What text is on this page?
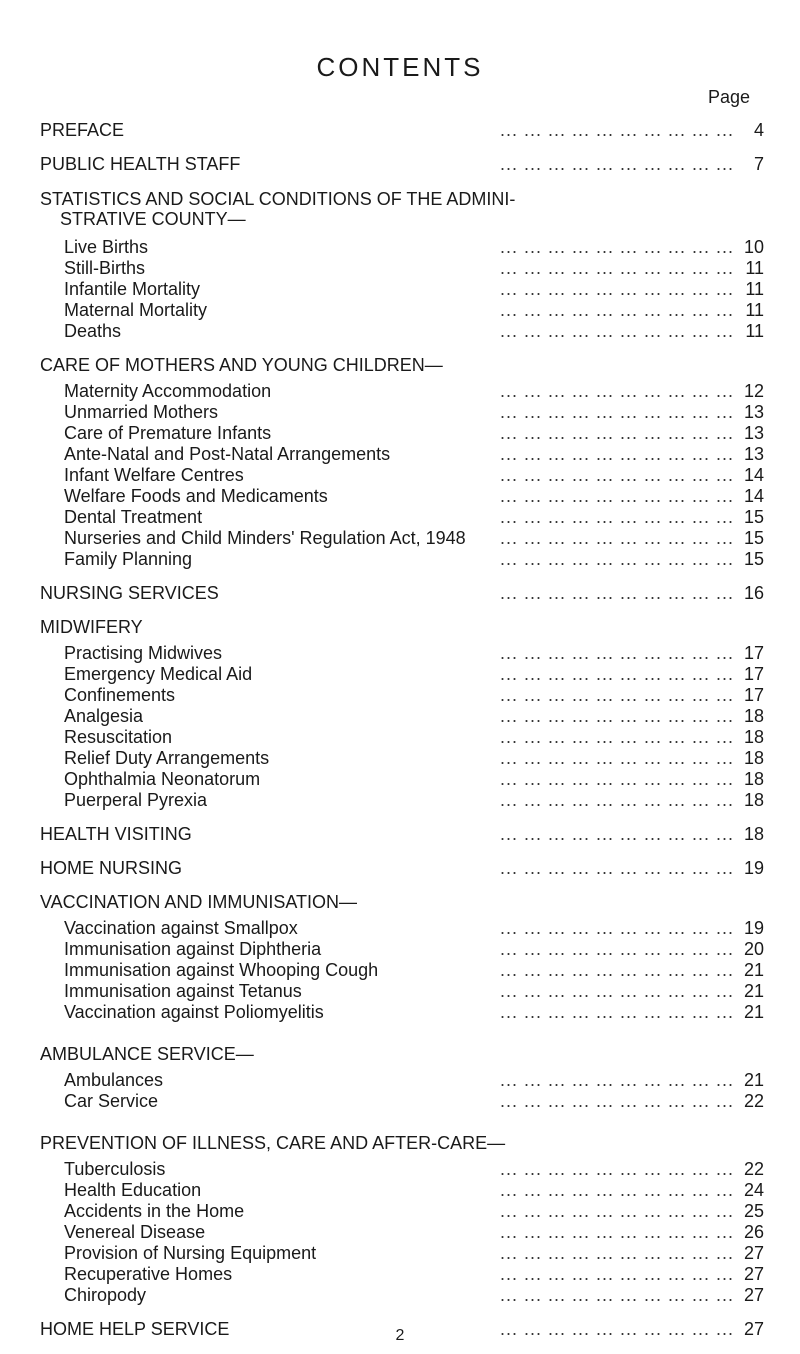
CONTENTS
Page
PREFACE	... ... ... ... ... ... ... ... ... ...	4
PUBLIC HEALTH STAFF	... ... ... ... ... ... ... ... ... ...	7
STATISTICS AND SOCIAL CONDITIONS OF THE ADMINI-
STRATIVE COUNTY—
Live Births	... ... ... ... ... ... ... ... ... ... 10
Still-Births	... ... ... ... ... ... ... ... ... ... 11
Infantile Mortality	... ... ... ... ... ... ... ... ... ... 11
Maternal Mortality	... ... ... ... ... ... ... ... ... ... 11
Deaths	... ... ... ... ... ... ... ... ... ... 11
CARE OF MOTHERS AND YOUNG CHILDREN—
Maternity Accommodation	... ... ... ... ... ... ... ... ... ... 12
Unmarried Mothers	... ... ... ... ... ... ... ... ... ... 13
Care of Premature Infants	... ... ... ... ... ... ... ... ... ... 13
Ante-Natal and Post-Natal Arrangements	... ... ... ... ... ... ... ... ... ... 13
Infant Welfare Centres	... ... ... ... ... ... ... ... ... ... 14
Welfare Foods and Medicaments	... ... ... ... ... ... ... ... ... ... 14
Dental Treatment	... ... ... ... ... ... ... ... ... ... 15
Nurseries and Child Minders' Regulation Act, 1948	... ... ... ... ... ... ... ... ... ... 15
Family Planning	... ... ... ... ... ... ... ... ... ... 15
NURSING SERVICES	... ... ... ... ... ... ... ... ... ... 16
MIDWIFERY
Practising Midwives	... ... ... ... ... ... ... ... ... ... 17
Emergency Medical Aid	... ... ... ... ... ... ... ... ... ... 17
Confinements	... ... ... ... ... ... ... ... ... ... 17
Analgesia	... ... ... ... ... ... ... ... ... ... 18
Resuscitation	... ... ... ... ... ... ... ... ... ... 18
Relief Duty Arrangements	... ... ... ... ... ... ... ... ... ... 18
Ophthalmia Neonatorum	... ... ... ... ... ... ... ... ... ... 18
Puerperal Pyrexia	... ... ... ... ... ... ... ... ... ... 18
HEALTH VISITING	... ... ... ... ... ... ... ... ... ... 18
HOME NURSING	... ... ... ... ... ... ... ... ... ... 19
VACCINATION AND IMMUNISATION—
Vaccination against Smallpox	... ... ... ... ... ... ... ... ... ... 19
Immunisation against Diphtheria	... ... ... ... ... ... ... ... ... ... 20
Immunisation against Whooping Cough	... ... ... ... ... ... ... ... ... ... 21
Immunisation against Tetanus	... ... ... ... ... ... ... ... ... ... 21
Vaccination against Poliomyelitis	... ... ... ... ... ... ... ... ... ... 21
AMBULANCE SERVICE—
Ambulances	... ... ... ... ... ... ... ... ... ... 21
Car Service	... ... ... ... ... ... ... ... ... ... 22
PREVENTION OF ILLNESS, CARE AND AFTER-CARE—
Tuberculosis	... ... ... ... ... ... ... ... ... ... 22
Health Education	... ... ... ... ... ... ... ... ... ... 24
Accidents in the Home	... ... ... ... ... ... ... ... ... ... 25
Venereal Disease	... ... ... ... ... ... ... ... ... ... 26
Provision of Nursing Equipment	... ... ... ... ... ... ... ... ... ... 27
Recuperative Homes	... ... ... ... ... ... ... ... ... ... 27
Chiropody	... ... ... ... ... ... ... ... ... ... 27
HOME HELP SERVICE	... ... ... ... ... ... ... ... ... ... 27
2
